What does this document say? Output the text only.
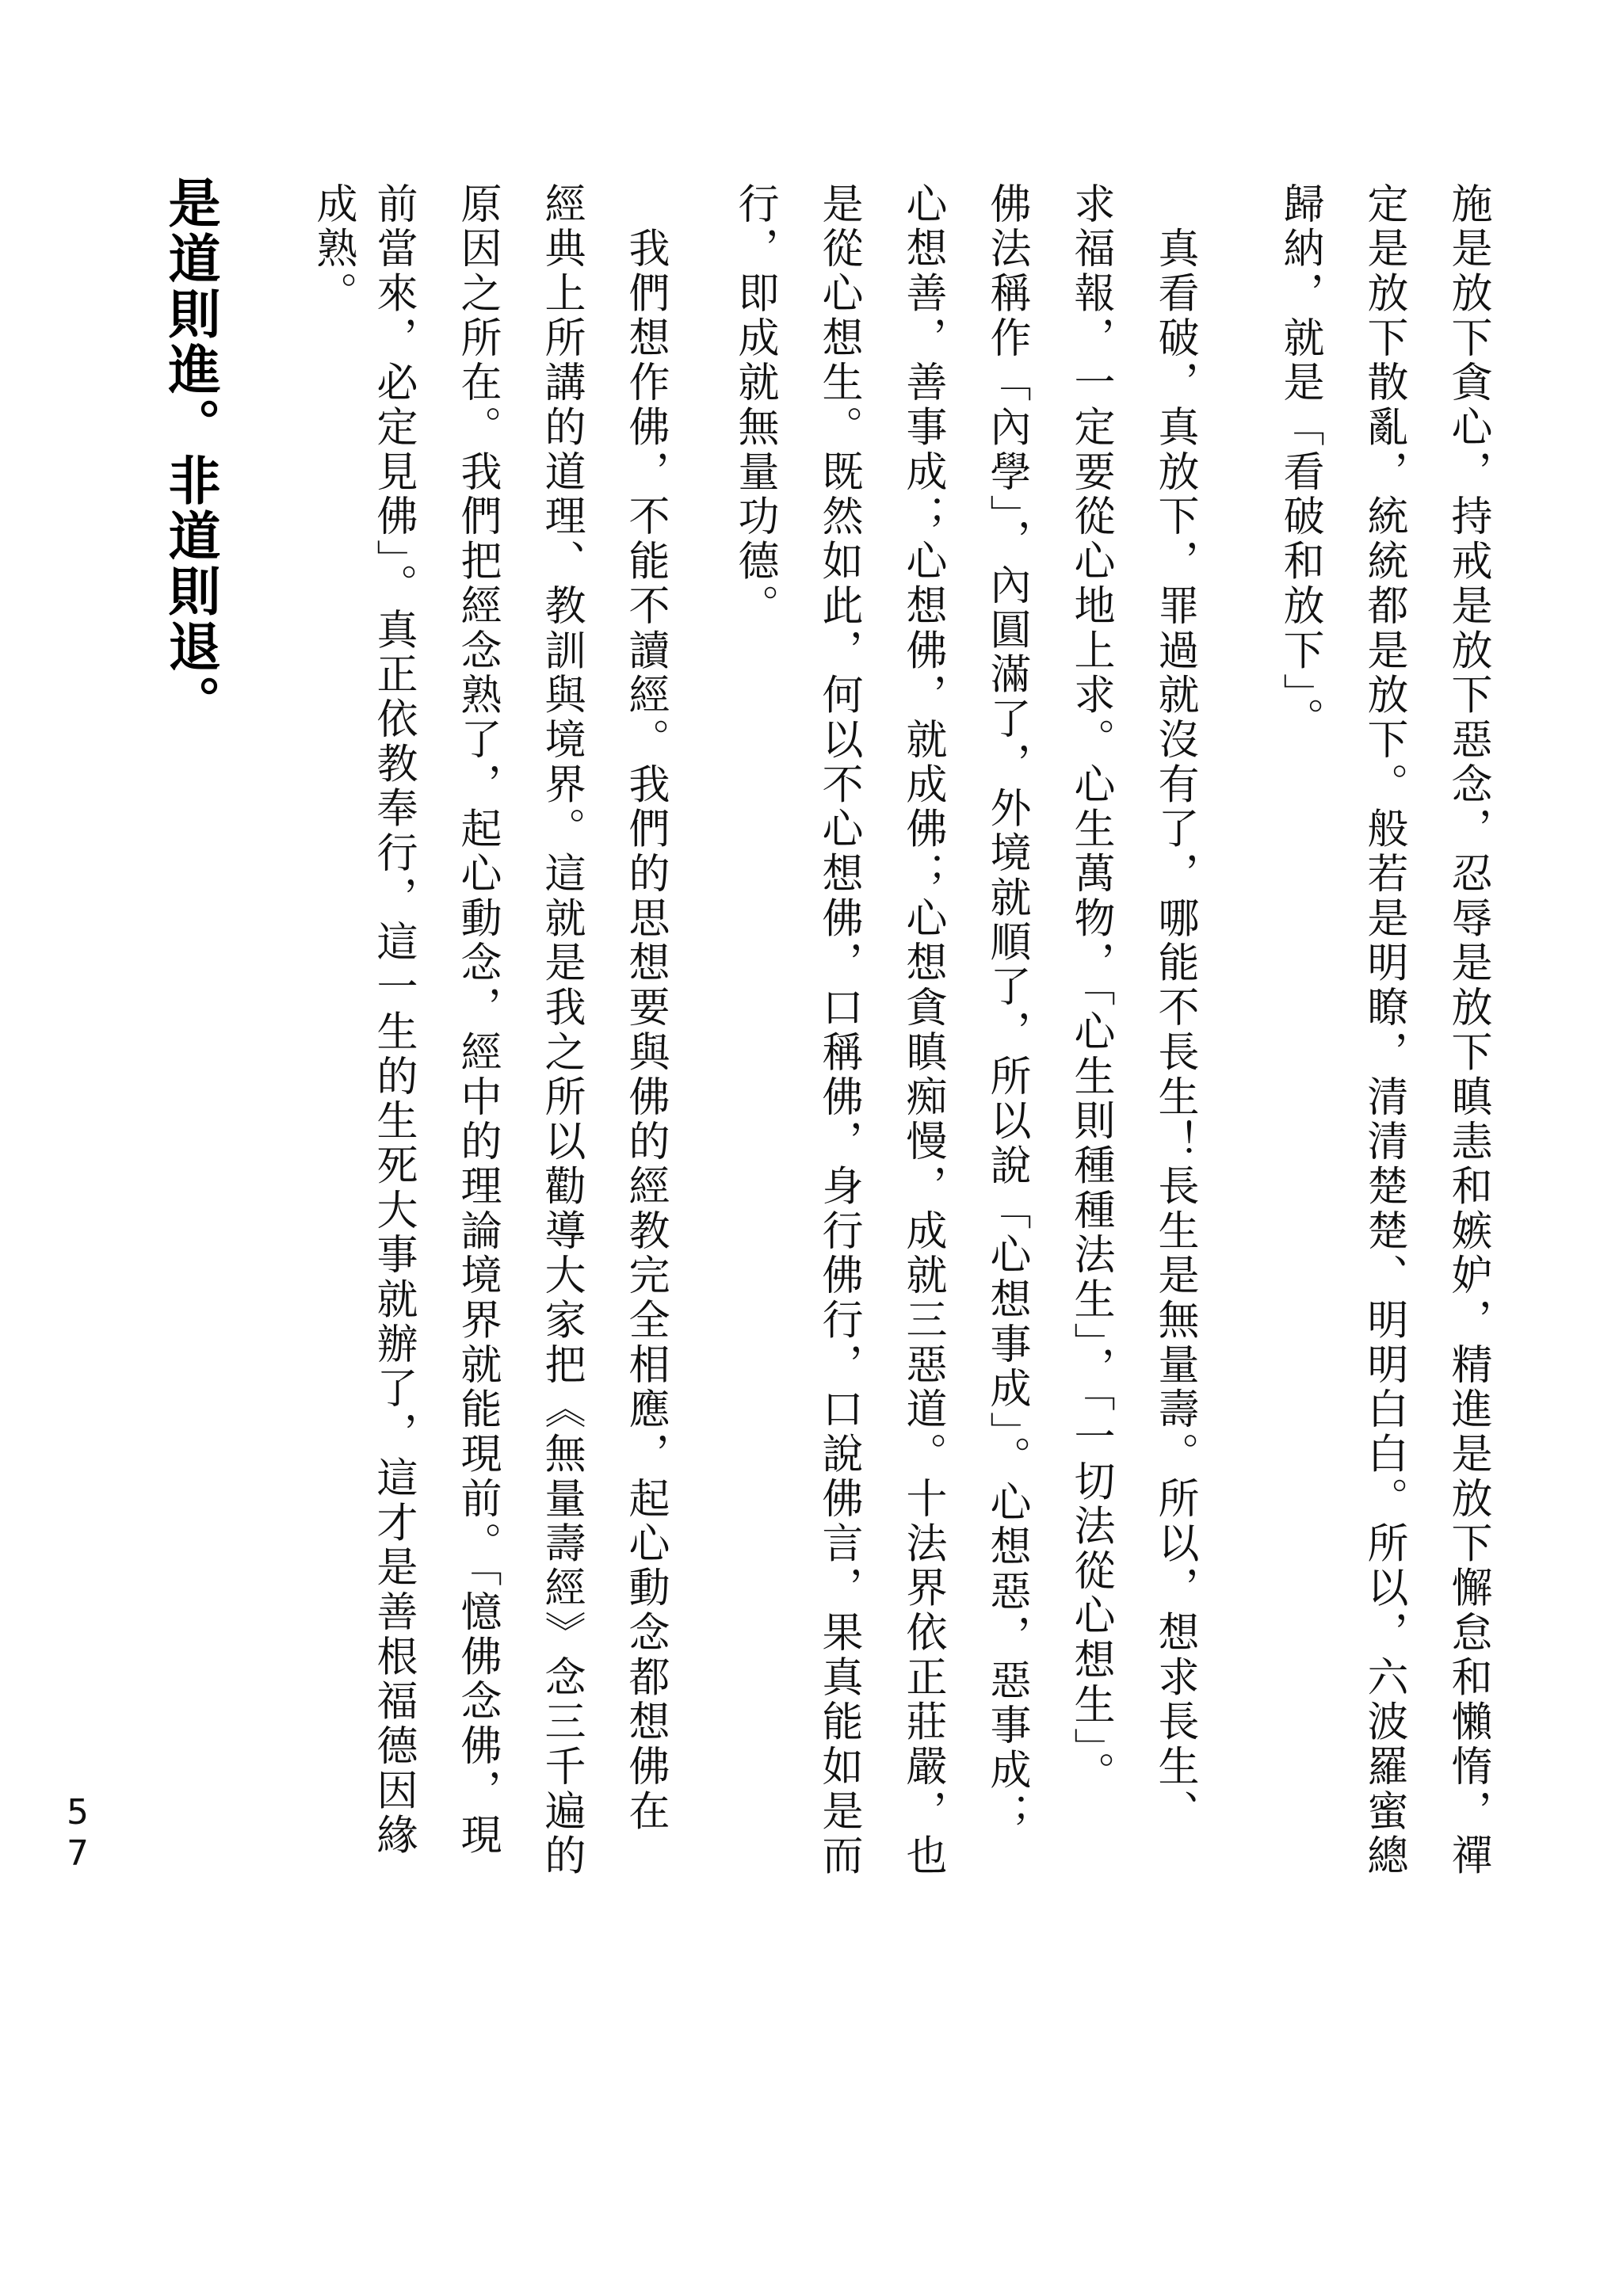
施是放下貪心，持戒是放下惡念，忍辱是放下瞋恚和嫉妒，精進是放下懈怠和懶惰，禪
定是放下散亂，統統都是放下。般若是明瞭，清清楚楚、明明白白。所以，六波羅蜜總
歸納，就是「看破和放下」。
　真看破，真放下，罪過就沒有了，哪能不長生！長生是無量壽。所以，想求長生、
求福報，一定要從心地上求。心生萬物，「心生則種種法生」，「一切法從心想生」。
佛法稱作「內學」，內圓滿了，外境就順了，所以說「心想事成」。心想惡，惡事成；
心想善，善事成；心想佛，就成佛；心想貪瞋痴慢，成就三惡道。十法界依正莊嚴，也
是從心想生。既然如此，何以不心想佛，口稱佛，身行佛行，口說佛言，果真能如是而
行，即成就無量功德。
　我們想作佛，不能不讀經。我們的思想要與佛的經教完全相應，起心動念都想佛在
經典上所講的道理、教訓與境界。這就是我之所以勸導大家把《無量壽經》念三千遍的
原因之所在。我們把經念熟了，起心動念，經中的理論境界就能現前。「憶佛念佛，現
前當來，必定見佛」。真正依教奉行，這一生的生死大事就辦了，這才是善根福德因緣
成熟。
是道則進。非道則退。
5
7
